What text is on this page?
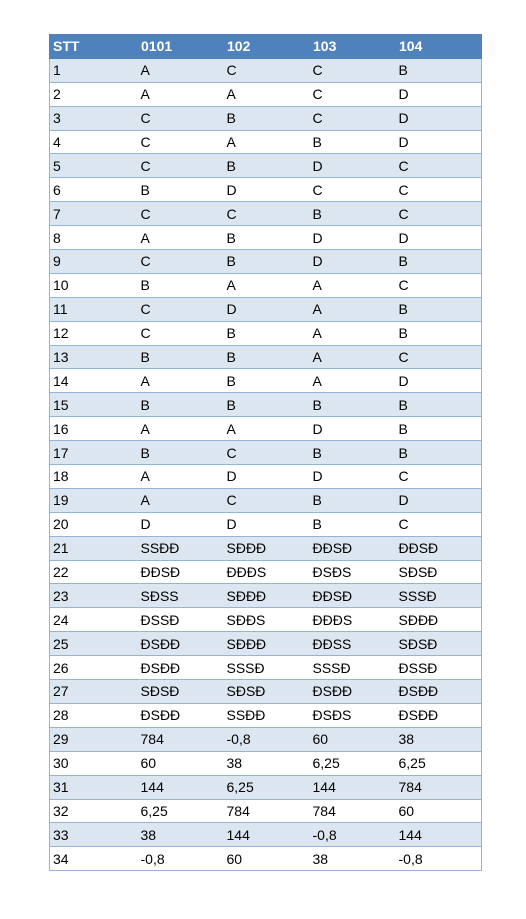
STT	0101	102	103	104
1	A	C	C	B
2	A	A	C	D
3	C	B	C	D
4	C	A	B	D
5	C	B	D	C
6	B	D	C	C
7	C	C	B	C
8	A	B	D	D
9	C	B	D	B
10	B	A	A	C
11	C	D	A	B
12	C	B	A	B
13	B	B	A	C
14	A	B	A	D
15	B	B	B	B
16	A	A	D	B
17	B	C	B	B
18	A	D	D	C
19	A	C	B	D
20	D	D	B	C
21	SSĐĐ	SĐĐĐ	ĐĐSĐ	ĐĐSĐ
22	ĐĐSĐ	ĐĐĐS	ĐSĐS	SĐSĐ
23	SĐSS	SĐĐĐ	ĐĐSĐ	SSSĐ
24	ĐSSĐ	SĐĐS	ĐĐĐS	SĐĐĐ
25	ĐSĐĐ	SĐĐĐ	ĐĐSS	SĐSĐ
26	ĐSĐĐ	SSSĐ	SSSĐ	ĐSSĐ
27	SĐSĐ	SĐSĐ	ĐSĐĐ	ĐSĐĐ
28	ĐSĐĐ	SSĐĐ	ĐSĐS	ĐSĐĐ
29	784	-0,8	60	38
30	60	38	6,25	6,25
31	144	6,25	144	784
32	6,25	784	784	60
33	38	144	-0,8	144
34	-0,8	60	38	-0,8
